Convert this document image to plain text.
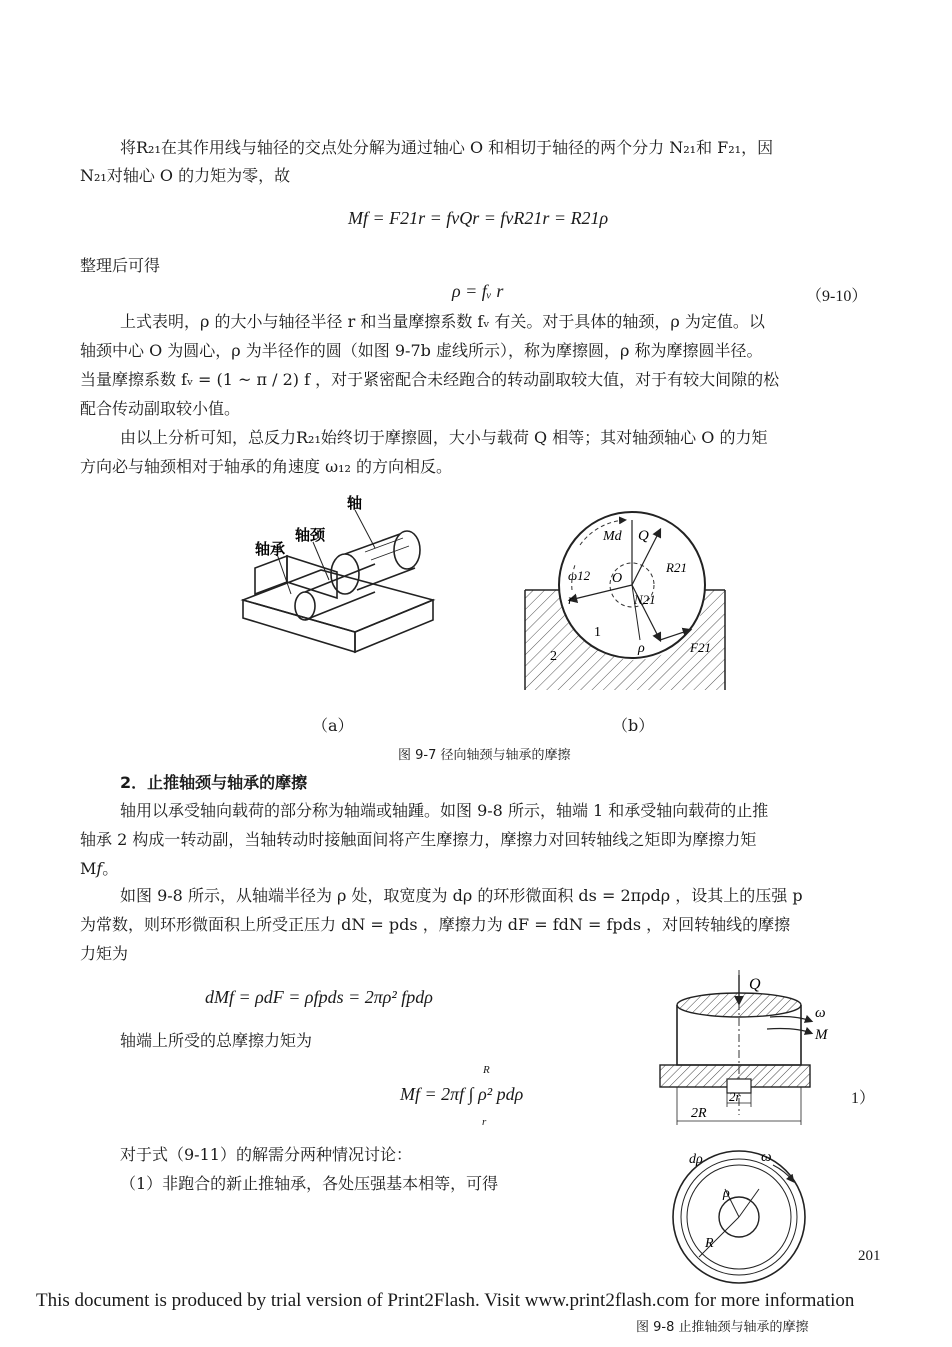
将R₂₁在其作用线与轴径的交点处分解为通过轴心 O 和相切于轴径的两个分力 N₂₁和 F₂₁，因
N₂₁对轴心 O 的力矩为零，故
Mf = F21r = fvQr = fvR21r = R21ρ
整理后可得
ρ = fᵥ r	（9-10）
上式表明，ρ 的大小与轴径半径 r 和当量摩擦系数 fᵥ 有关。对于具体的轴颈，ρ 为定值。以
轴颈中心 O 为圆心，ρ 为半径作的圆（如图 9-7b 虚线所示），称为摩擦圆，ρ 称为摩擦圆半径。
当量摩擦系数 fᵥ = (1 ~ π / 2) f ，对于紧密配合未经跑合的转动副取较大值，对于有较大间隙的松
配合传动副取较小值。
由以上分析可知，总反力R₂₁始终切于摩擦圆，大小与载荷 Q 相等；其对轴颈轴心 O 的力矩
方向必与轴颈相对于轴承的角速度 ω₁₂ 的方向相反。
轴
轴颈
轴承
Md Q
R21
ω12 O
N21
r
1
2
ρ	F21
（a）	（b）
图 9-7 径向轴颈与轴承的摩擦
2．止推轴颈与轴承的摩擦
轴用以承受轴向载荷的部分称为轴端或轴踵。如图 9-8 所示，轴端 1 和承受轴向载荷的止推
轴承 2 构成一转动副，当轴转动时接触面间将产生摩擦力，摩擦力对回转轴线之矩即为摩擦力矩
M𝑓。
如图 9-8 所示，从轴端半径为 ρ 处，取宽度为 dρ 的环形微面积 ds = 2πρdρ ，设其上的压强 p
为常数，则环形微面积上所受正压力 dN = pds ，摩擦力为 dF = fdN = fpds ，对回转轴线的摩擦
力矩为
dMf = ρdF = ρfpds = 2πρ² fpdρ
轴端上所受的总摩擦力矩为
Mf = 2πf ∫ ρ² pdρ
R
r
1）
对于式（9-11）的解需分两种情况讨论：
（1）非跑合的新止推轴承，各处压强基本相等，可得
ω
M
Q
2r
2R
dρ	ω
ρ
R
201
This document is produced by trial version of Print2Flash. Visit www.print2flash.com for more information
图 9-8 止推轴颈与轴承的摩擦
